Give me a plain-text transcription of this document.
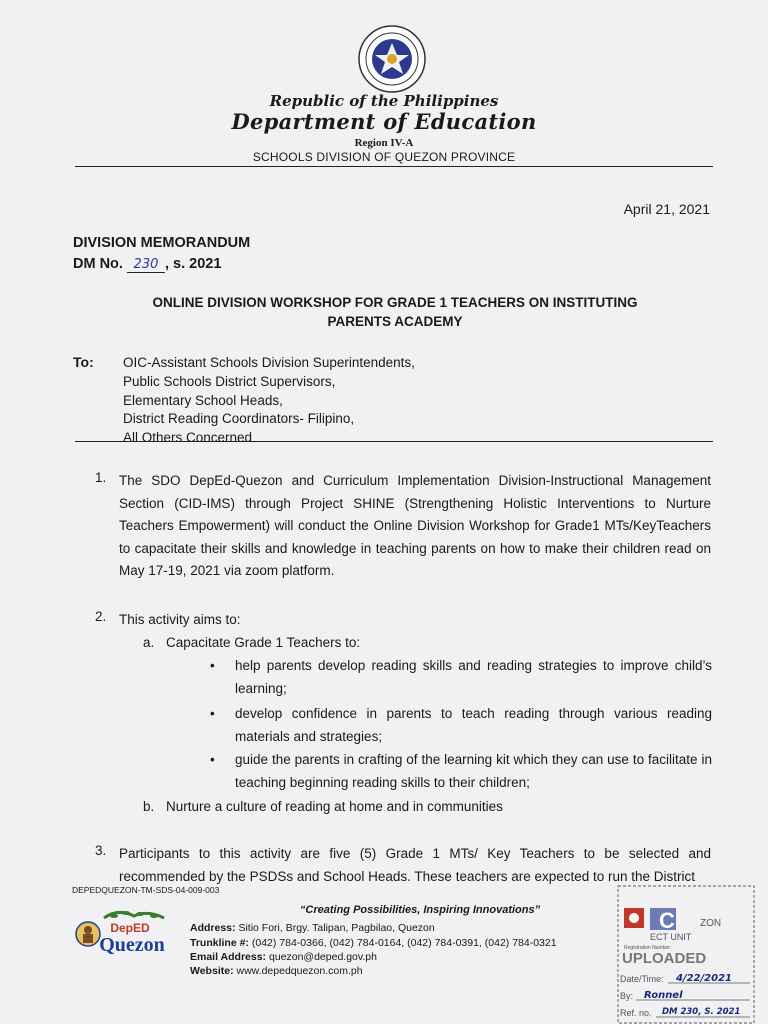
Republic of the Philippines
Department of Education
Region IV-A
SCHOOLS DIVISION OF QUEZON PROVINCE
April 21, 2021
DIVISION MEMORANDUM
DM No. 230 , s. 2021
ONLINE DIVISION WORKSHOP FOR GRADE 1 TEACHERS ON INSTITUTING
PARENTS ACADEMY
To: OIC-Assistant Schools Division Superintendents,
Public Schools District Supervisors,
Elementary School Heads,
District Reading Coordinators- Filipino,
All Others Concerned
1. The SDO DepEd-Quezon and Curriculum Implementation Division-Instructional Management Section (CID-IMS) through Project SHINE (Strengthening Holistic Interventions to Nurture Teachers Empowerment) will conduct the Online Division Workshop for Grade1 MTs/KeyTeachers to capacitate their skills and knowledge in teaching parents on how to make their children read on May 17-19, 2021 via zoom platform.
2. This activity aims to:
a. Capacitate Grade 1 Teachers to:
• help parents develop reading skills and reading strategies to improve child’s learning;
• develop confidence in parents to teach reading through various reading materials and strategies;
• guide the parents in crafting of the learning kit which they can use to facilitate in teaching beginning reading skills to their children;
b. Nurture a culture of reading at home and in communities
3. Participants to this activity are five (5) Grade 1 MTs/ Key Teachers to be selected and recommended by the PSDSs and School Heads. These teachers are expected to run the District
DEPEDQUEZON-TM-SDS-04-009-003
DepED
Quezon
“Creating Possibilities, Inspiring Innovations”
Address: Sitio Fori, Brgy. Talipan, Pagbilao, Quezon
Trunkline #: (042) 784-0366, (042) 784-0164, (042) 784-0391, (042) 784-0321
Email Address: quezon@deped.gov.ph
Website: www.depedquezon.com.ph
C	ZON
ECT UNIT
Registration Number:
UPLOADED
Date/Time: 4/22/2021
By: Ronnel
Ref. no. DM 230, S. 2021
